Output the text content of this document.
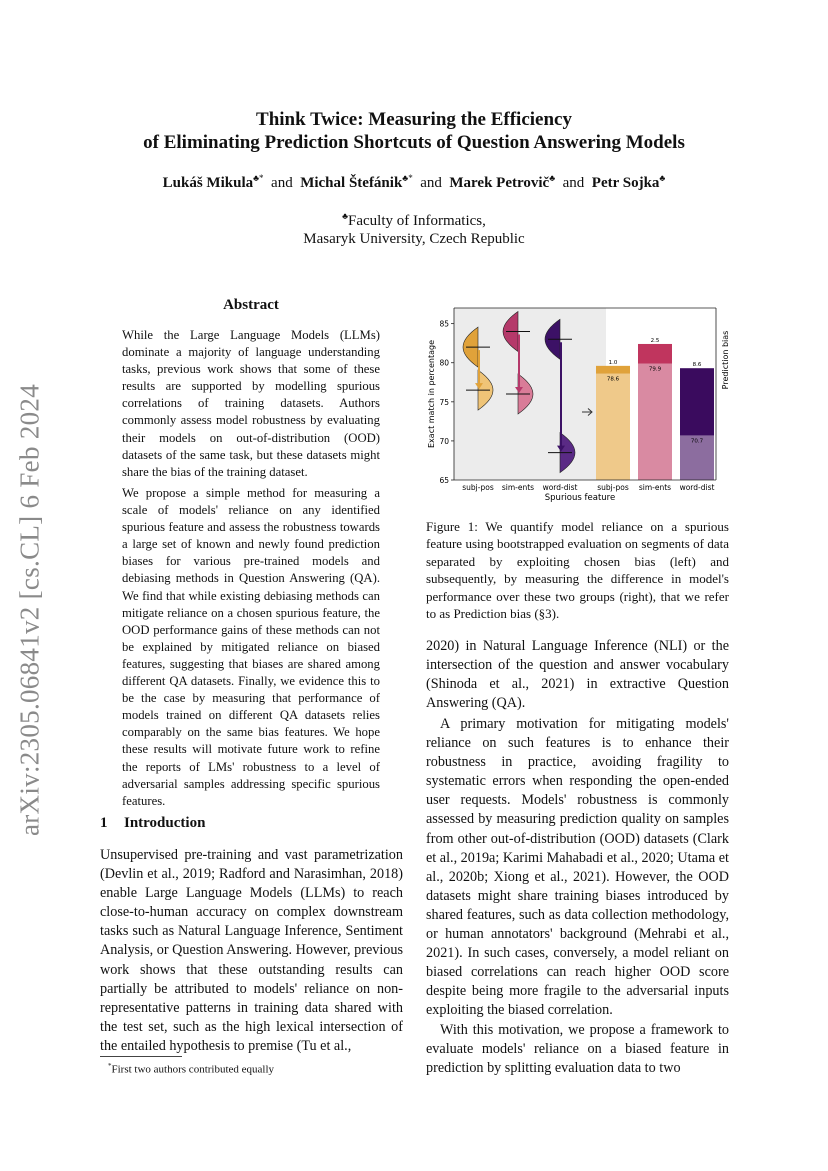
Think Twice: Measuring the Efficiency
of Eliminating Prediction Shortcuts of Question Answering Models
Lukáš Mikula♣* and Michal Štefánik♣* and Marek Petrovič♣ and Petr Sojka♣
♣Faculty of Informatics,
Masaryk University, Czech Republic
arXiv:2305.06841v2 [cs.CL] 6 Feb 2024
Abstract
While the Large Language Models (LLMs) dominate a majority of language understanding tasks, previous work shows that some of these results are supported by modelling spurious correlations of training datasets. Authors commonly assess model robustness by evaluating their models on out-of-distribution (OOD) datasets of the same task, but these datasets might share the bias of the training dataset.
We propose a simple method for measuring a scale of models' reliance on any identified spurious feature and assess the robustness towards a large set of known and newly found prediction biases for various pre-trained models and debiasing methods in Question Answering (QA). We find that while existing debiasing methods can mitigate reliance on a chosen spurious feature, the OOD performance gains of these methods can not be explained by mitigated reliance on biased features, suggesting that biases are shared among different QA datasets. Finally, we evidence this to be the case by measuring that performance of models trained on different QA datasets relies comparably on the same bias features. We hope these results will motivate future work to refine the reports of LMs' robustness to a level of adversarial samples addressing specific spurious features.
1 Introduction
Unsupervised pre-training and vast parametrization (Devlin et al., 2019; Radford and Narasimhan, 2018) enable Large Language Models (LLMs) to reach close-to-human accuracy on complex downstream tasks such as Natural Language Inference, Sentiment Analysis, or Question Answering. However, previous work shows that these outstanding results can partially be attributed to models' reliance on non-representative patterns in training data shared with the test set, such as the high lexical intersection of the entailed hypothesis to premise (Tu et al.,
*First two authors contributed equally
subj-pos sim-ents word-dist
1.0
78.6
subj-pos
2.5
79.9
sim-ents
8.6
70.7
word-dist
65
70
75
80
85
Spurious feature
Exact match in percentage	Prediction bias
Figure 1: We quantify model reliance on a spurious feature using bootstrapped evaluation on segments of data separated by exploiting chosen bias (left) and subsequently, by measuring the difference in model's performance over these two groups (right), that we refer to as Prediction bias (§3).
2020) in Natural Language Inference (NLI) or the intersection of the question and answer vocabulary (Shinoda et al., 2021) in extractive Question Answering (QA).
A primary motivation for mitigating models' reliance on such features is to enhance their robustness in practice, avoiding fragility to systematic errors when responding the open-ended user requests. Models' robustness is commonly assessed by measuring prediction quality on samples from other out-of-distribution (OOD) datasets (Clark et al., 2019a; Karimi Mahabadi et al., 2020; Utama et al., 2020b; Xiong et al., 2021). However, the OOD datasets might share training biases introduced by shared features, such as data collection methodology, or human annotators' background (Mehrabi et al., 2021). In such cases, conversely, a model reliant on biased correlations can reach higher OOD score despite being more fragile to the adversarial inputs exploiting the biased correlation.
With this motivation, we propose a framework to evaluate models' reliance on a biased feature in prediction by splitting evaluation data to two
